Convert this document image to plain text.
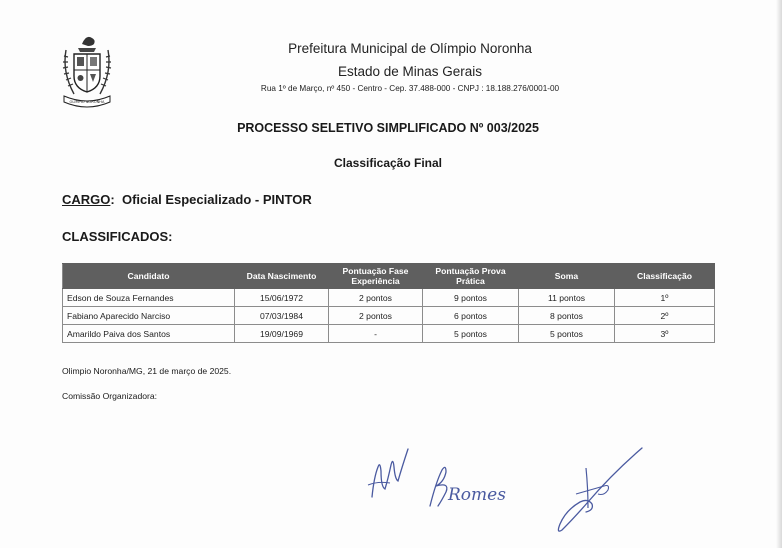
OLÍMPIO NORONHA
Prefeitura Municipal de Olímpio Noronha
Estado de Minas Gerais
Rua 1º de Março, nº 450 - Centro - Cep. 37.488-000 - CNPJ : 18.188.276/0001-00
PROCESSO SELETIVO SIMPLIFICADO Nº 003/2025
Classificação Final
CARGO: Oficial Especializado - PINTOR
CLASSIFICADOS:
Candidato	Data Nascimento	Pontuação Fase Experiência	Pontuação Prova Prática	Soma	Classificação
Edson de Souza Fernandes	15/06/1972	2 pontos	9 pontos	11 pontos	1º
Fabiano Aparecido Narciso	07/03/1984	2 pontos	6 pontos	8 pontos	2º
Amarildo Paiva dos Santos	19/09/1969	-	5 pontos	5 pontos	3º
Olimpio Noronha/MG, 21 de março de 2025.
Comissão Organizadora:
Romes
